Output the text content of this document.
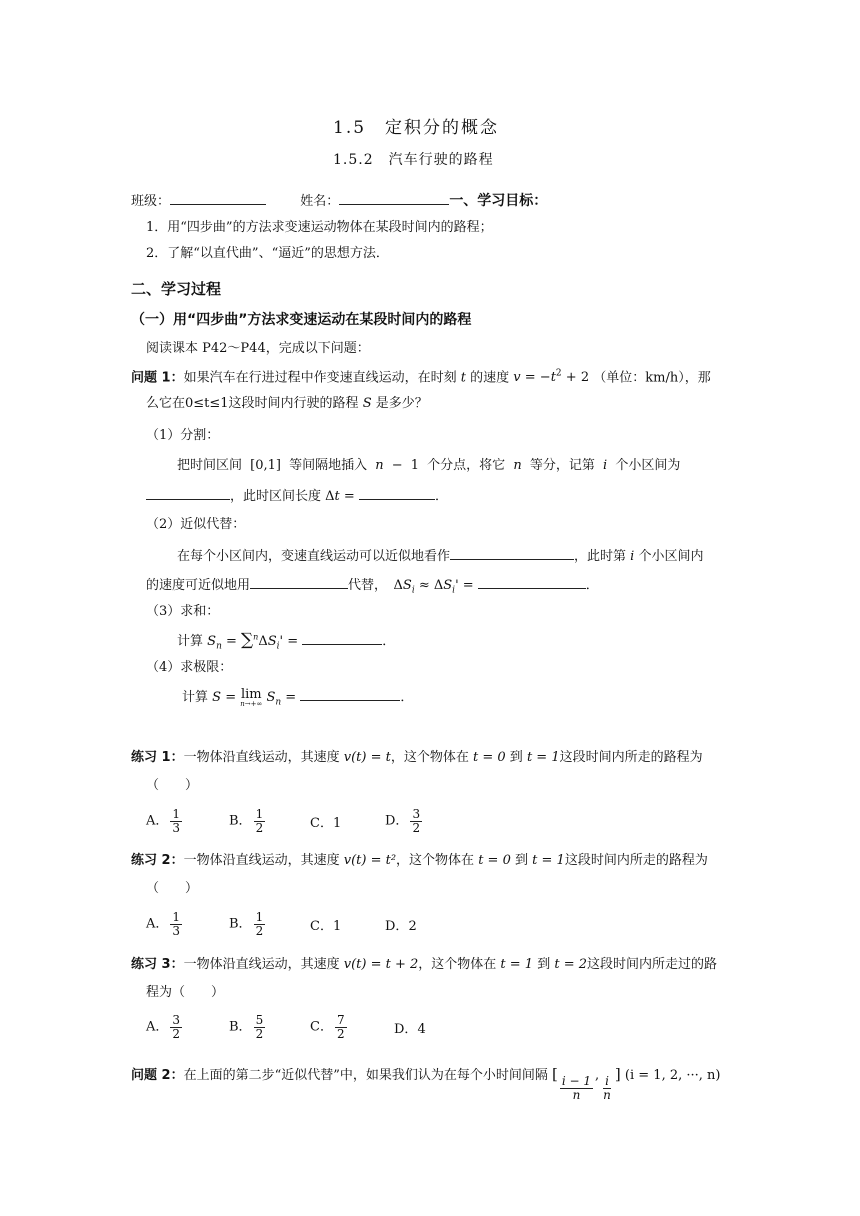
1.5　定积分的概念
1.5.2　汽车行驶的路程
班级：	姓名：	一、学习目标：
1．用“四步曲”的方法求变速运动物体在某段时间内的路程；
2．了解“以直代曲”、“逼近”的思想方法．
二、学习过程
（一）用“四步曲”方法求变速运动在某段时间内的路程
阅读课本 P42～P44，完成以下问题：
问题 1：如果汽车在行进过程中作变速直线运动，在时刻 t 的速度 $v = -t^2 + 2$ （单位：km/h），那
么它在0≤t≤1这段时间内行驶的路程 S 是多少？
（1）分割：
把时间区间 [0,1] 等间隔地插入 n − 1 个分点，将它 n 等分，记第 i 个小区间为
，此时区间长度 Δt =	．
（2）近似代替：
在每个小区间内，变速直线运动可以近似地看作	，此时第 i 个小区间内
的速度可近似地用	代替，　$\Delta S_i \approx \Delta S_i'$ =	．
（3）求和：
计算 $S_n = \sum^n\Delta S_i'$ =	．
（4）求极限：
计算 S = lim
n→+∞ $S_n$ =	．
练习 1：一物体沿直线运动，其速度 v(t) = t，这个物体在 t = 0 到 t = 1这段时间内所走的路程为
（　　）
A． $\frac{1}{3}$	B． $\frac{1}{2}$	C．1	D． $\frac{3}{2}$
练习 2：一物体沿直线运动，其速度 v(t) = t²，这个物体在 t = 0 到 t = 1这段时间内所走的路程为
（　　）
A． $\frac{1}{3}$	B． $\frac{1}{2}$	C．1	D．2
练习 3：一物体沿直线运动，其速度 v(t) = t + 2，这个物体在 t = 1 到 t = 2这段时间内所走过的路
程为（　　）
A． $\frac{3}{2}$	B． $\frac{5}{2}$	C． $\frac{7}{2}$	D．4
问题 2：在上面的第二步“近似代替”中，如果我们认为在每个小时间间隔 [
$\frac{i - 1}{n}$ , $\frac{i}{n}$
] (i = 1, 2, ···, n)
